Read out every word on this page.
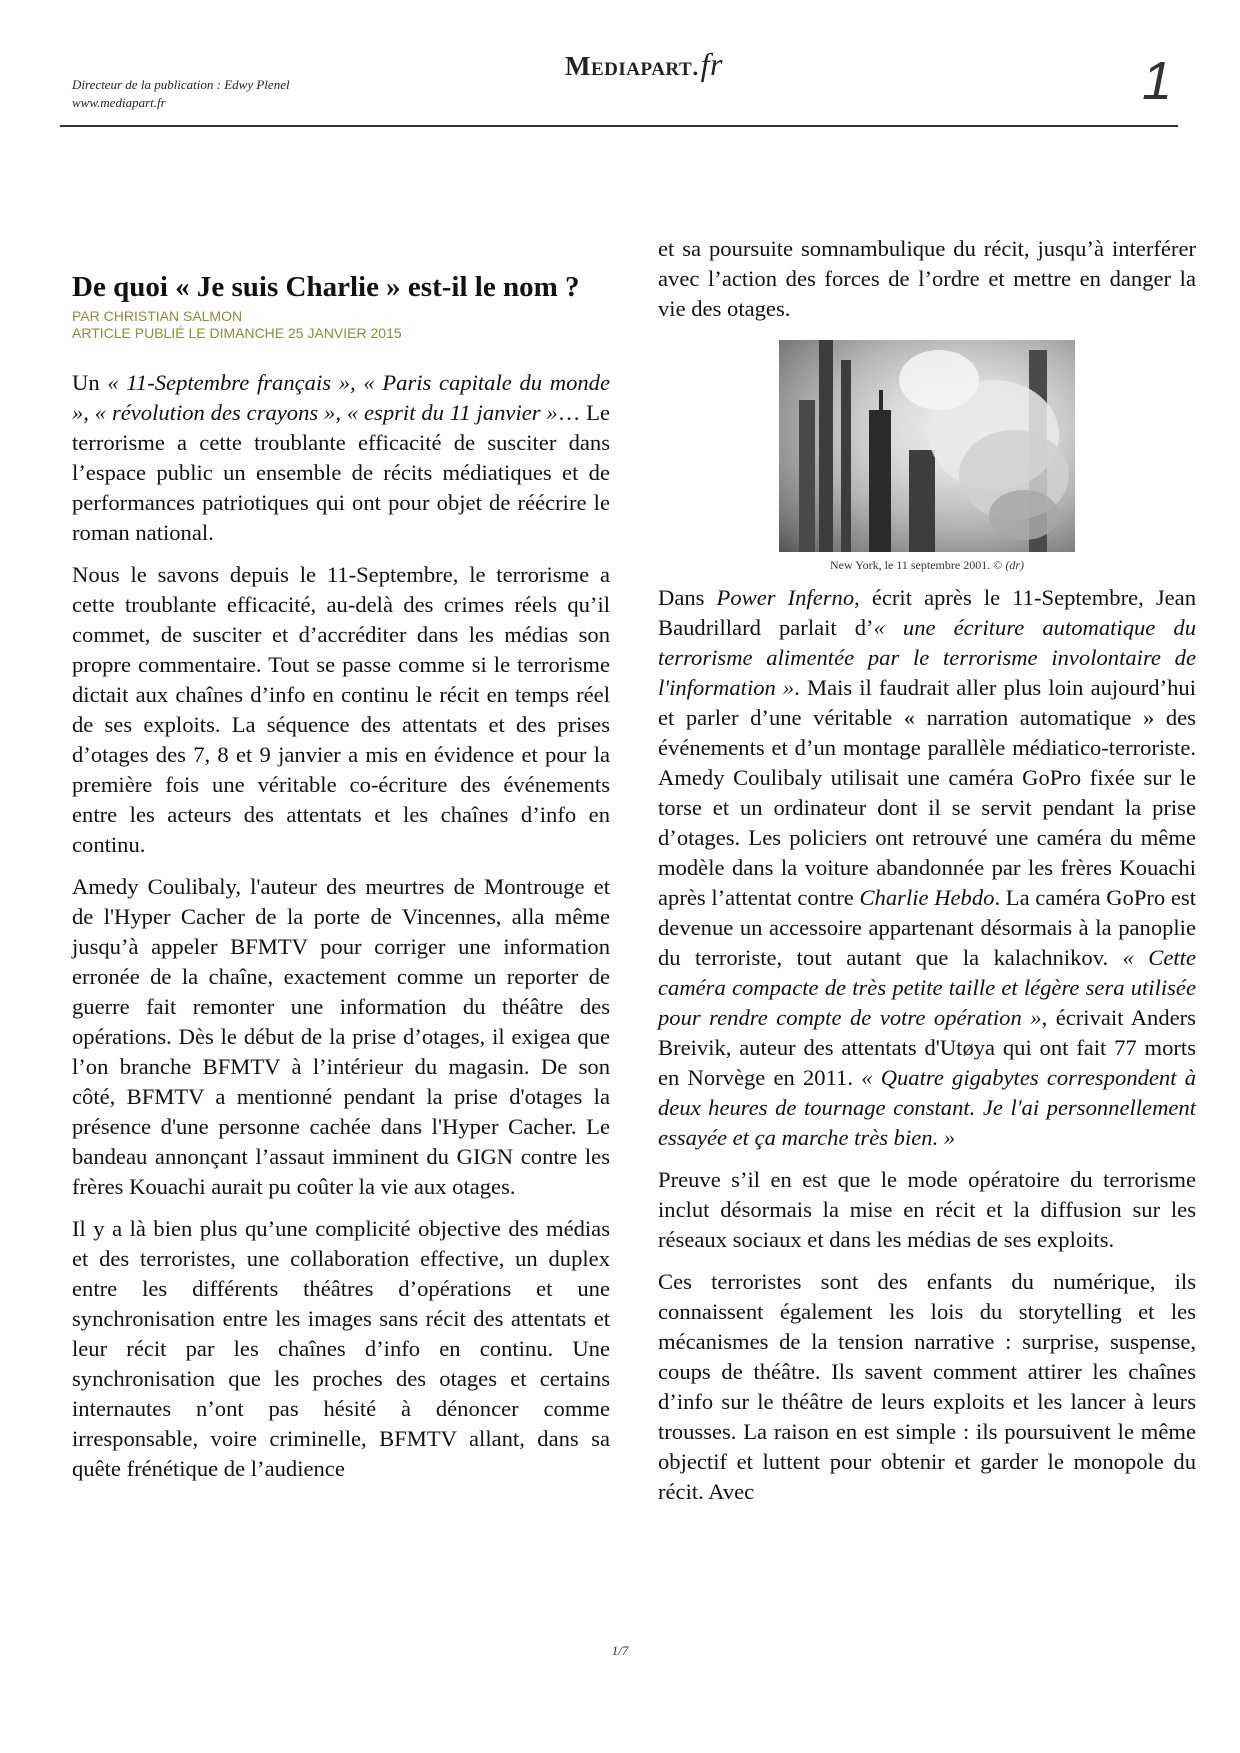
Directeur de la publication : Edwy Plenel
www.mediapart.fr
Mediapart.fr	1
De quoi « Je suis Charlie » est-il le nom ?
PAR CHRISTIAN SALMON
ARTICLE PUBLIÉ LE DIMANCHE 25 JANVIER 2015

Un « 11-Septembre français », « Paris capitale du monde », « révolution des crayons », « esprit du 11 janvier »… Le terrorisme a cette troublante efficacité de susciter dans l’espace public un ensemble de récits médiatiques et de performances patriotiques qui ont pour objet de réécrire le roman national.

Nous le savons depuis le 11-Septembre, le terrorisme a cette troublante efficacité, au-delà des crimes réels qu’il commet, de susciter et d’accréditer dans les médias son propre commentaire. Tout se passe comme si le terrorisme dictait aux chaînes d’info en continu le récit en temps réel de ses exploits. La séquence des attentats et des prises d’otages des 7, 8 et 9 janvier a mis en évidence et pour la première fois une véritable co-écriture des événements entre les acteurs des attentats et les chaînes d’info en continu.

Amedy Coulibaly, l'auteur des meurtres de Montrouge et de l'Hyper Cacher de la porte de Vincennes, alla même jusqu’à appeler BFMTV pour corriger une information erronée de la chaîne, exactement comme un reporter de guerre fait remonter une information du théâtre des opérations. Dès le début de la prise d’otages, il exigea que l’on branche BFMTV à l’intérieur du magasin. De son côté, BFMTV a mentionné pendant la prise d'otages la présence d'une personne cachée dans l'Hyper Cacher. Le bandeau annonçant l’assaut imminent du GIGN contre les frères Kouachi aurait pu coûter la vie aux otages.

Il y a là bien plus qu’une complicité objective des médias et des terroristes, une collaboration effective, un duplex entre les différents théâtres d’opérations et une synchronisation entre les images sans récit des attentats et leur récit par les chaînes d’info en continu. Une synchronisation que les proches des otages et certains internautes n’ont pas hésité à dénoncer comme irresponsable, voire criminelle, BFMTV allant, dans sa quête frénétique de l’audience

et sa poursuite somnambulique du récit, jusqu’à interférer avec l’action des forces de l’ordre et mettre en danger la vie des otages.

New York, le 11 septembre 2001. © (dr)

Dans Power Inferno, écrit après le 11-Septembre, Jean Baudrillard parlait d’« une écriture automatique du terrorisme alimentée par le terrorisme involontaire de l'information ». Mais il faudrait aller plus loin aujourd’hui et parler d’une véritable « narration automatique » des événements et d’un montage parallèle médiatico-terroriste. Amedy Coulibaly utilisait une caméra GoPro fixée sur le torse et un ordinateur dont il se servit pendant la prise d’otages. Les policiers ont retrouvé une caméra du même modèle dans la voiture abandonnée par les frères Kouachi après l’attentat contre Charlie Hebdo. La caméra GoPro est devenue un accessoire appartenant désormais à la panoplie du terroriste, tout autant que la kalachnikov. « Cette caméra compacte de très petite taille et légère sera utilisée pour rendre compte de votre opération », écrivait Anders Breivik, auteur des attentats d'Utøya qui ont fait 77 morts en Norvège en 2011. « Quatre gigabytes correspondent à deux heures de tournage constant. Je l'ai personnellement essayée et ça marche très bien. »

Preuve s’il en est que le mode opératoire du terrorisme inclut désormais la mise en récit et la diffusion sur les réseaux sociaux et dans les médias de ses exploits.

Ces terroristes sont des enfants du numérique, ils connaissent également les lois du storytelling et les mécanismes de la tension narrative : surprise, suspense, coups de théâtre. Ils savent comment attirer les chaînes d’info sur le théâtre de leurs exploits et les lancer à leurs trousses. La raison en est simple : ils poursuivent le même objectif et luttent pour obtenir et garder le monopole du récit. Avec

1/7
